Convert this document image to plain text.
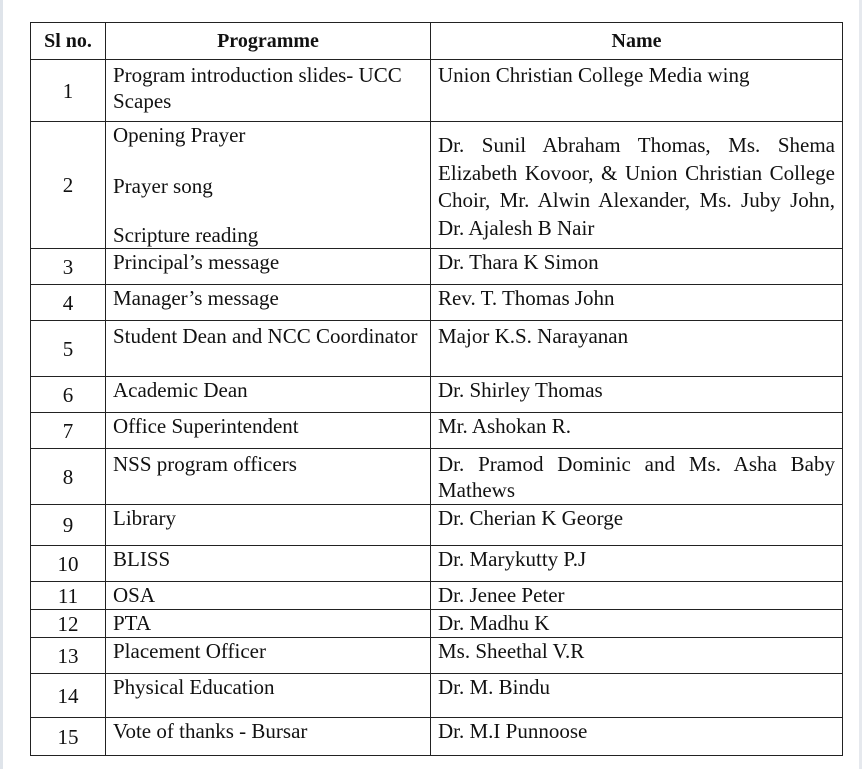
Sl no.	Programme	Name
1	Program introduction slides- UCC Scapes	Union Christian College Media wing
2	Opening Prayer
Prayer song
Scripture reading	Dr. Sunil Abraham Thomas, Ms. Shema Elizabeth Kovoor, & Union Christian College Choir, Mr. Alwin Alexander, Ms. Juby John, Dr. Ajalesh B Nair
3	Principal’s message	Dr. Thara K Simon
4	Manager’s message	Rev. T. Thomas John
5	Student Dean and NCC Coordinator	Major K.S. Narayanan
6	Academic Dean	Dr. Shirley Thomas
7	Office Superintendent	Mr. Ashokan R.
8	NSS program officers	Dr. Pramod Dominic and Ms. Asha Baby Mathews
9	Library	Dr. Cherian K George
10	BLISS	Dr. Marykutty P.J
11	OSA	Dr. Jenee Peter
12	PTA	Dr. Madhu K
13	Placement Officer	Ms. Sheethal V.R
14	Physical Education	Dr. M. Bindu
15	Vote of thanks - Bursar	Dr. M.I Punnoose
